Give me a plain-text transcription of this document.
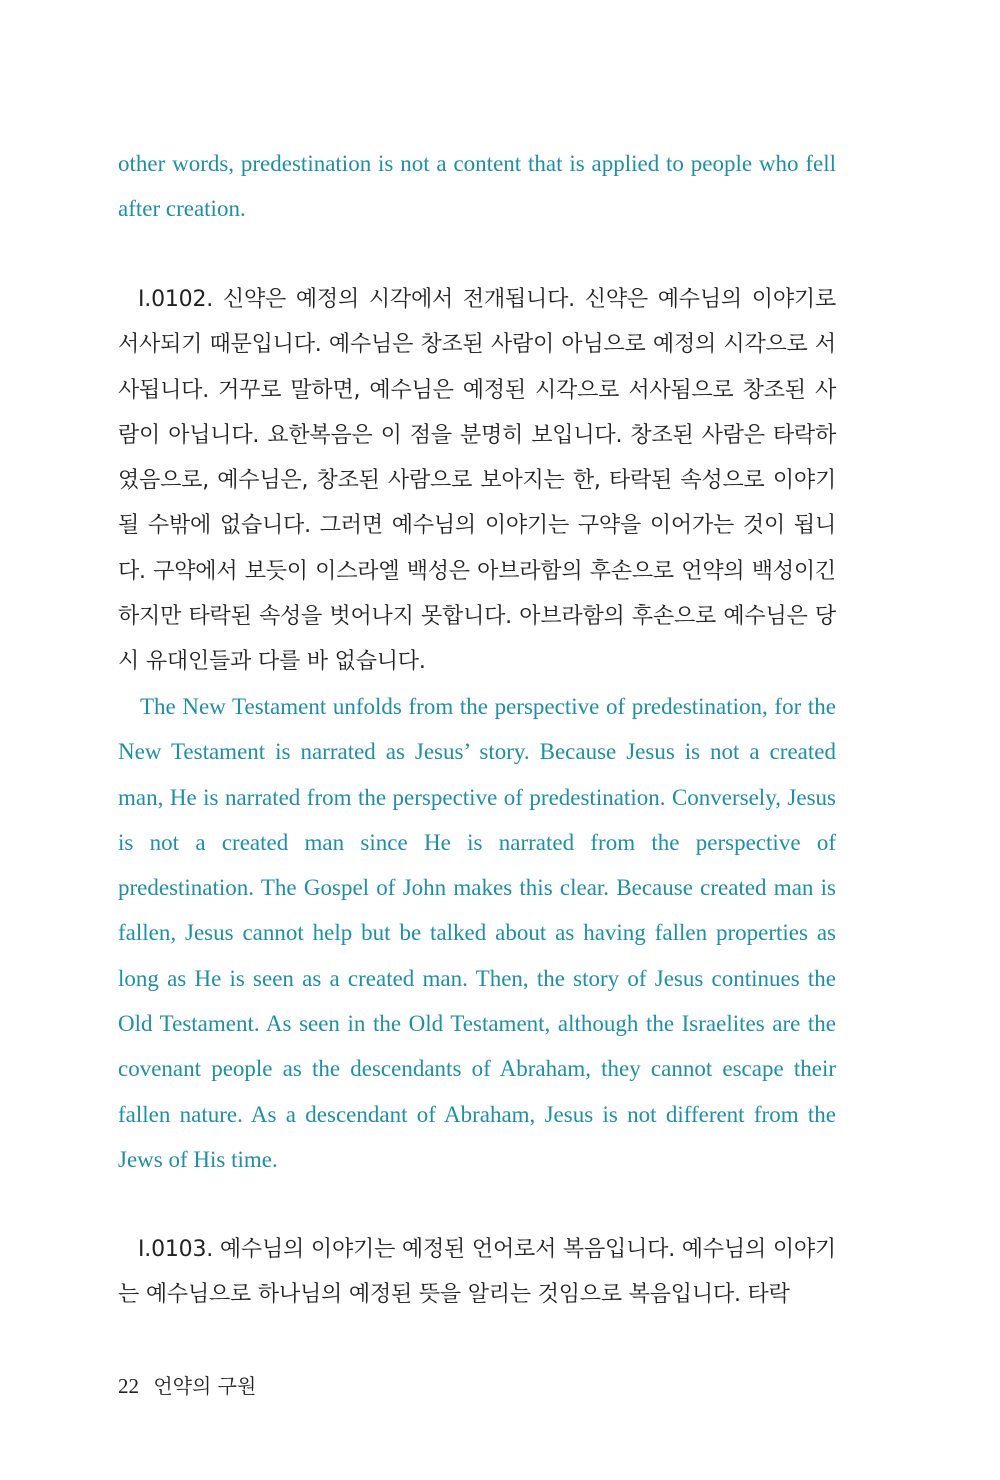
other words, predestination is not a content that is applied to people who fell after creation.

I.0102. 신약은 예정의 시각에서 전개됩니다. 신약은 예수님의 이야기로 서사되기 때문입니다. 예수님은 창조된 사람이 아님으로 예정의 시각으로 서사됩니다. 거꾸로 말하면, 예수님은 예정된 시각으로 서사됨으로 창조된 사람이 아닙니다. 요한복음은 이 점을 분명히 보입니다. 창조된 사람은 타락하였음으로, 예수님은, 창조된 사람으로 보아지는 한, 타락된 속성으로 이야기될 수밖에 없습니다. 그러면 예수님의 이야기는 구약을 이어가는 것이 됩니다. 구약에서 보듯이 이스라엘 백성은 아브라함의 후손으로 언약의 백성이긴 하지만 타락된 속성을 벗어나지 못합니다. 아브라함의 후손으로 예수님은 당시 유대인들과 다를 바 없습니다.

The New Testament unfolds from the perspective of predestination, for the New Testament is narrated as Jesus’ story. Because Jesus is not a created man, He is narrated from the perspective of predestination. Conversely, Jesus is not a created man since He is narrated from the perspective of predestination. The Gospel of John makes this clear. Because created man is fallen, Jesus cannot help but be talked about as having fallen properties as long as He is seen as a created man. Then, the story of Jesus continues the Old Testament. As seen in the Old Testament, although the Israelites are the covenant people as the descendants of Abraham, they cannot escape their fallen nature. As a descendant of Abraham, Jesus is not different from the Jews of His time.

I.0103. 예수님의 이야기는 예정된 언어로서 복음입니다. 예수님의 이야기는 예수님으로 하나님의 예정된 뜻을 알리는 것임으로 복음입니다. 타락

22 언약의 구원
